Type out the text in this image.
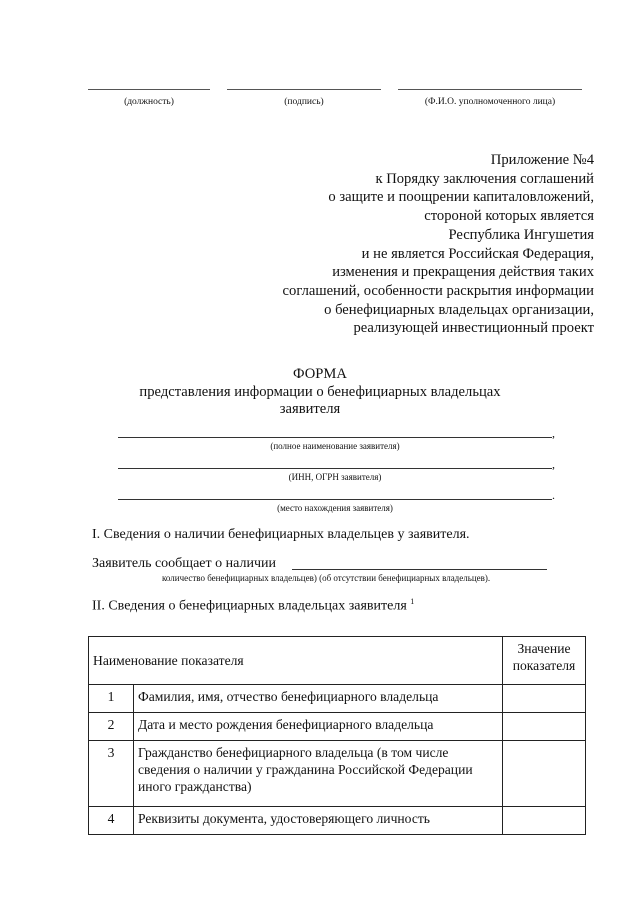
(должность)	(подпись)	(Ф.И.О. уполномоченного лица)
Приложение №4
к Порядку заключения соглашений
о защите и поощрении капиталовложений,
стороной которых является
Республика Ингушетия
и не является Российская Федерация,
изменения и прекращения действия таких
соглашений, особенности раскрытия информации
о бенефициарных владельцах организации,
реализующей инвестиционный проект
ФОРМА
представления информации о бенефициарных владельцах
заявителя
,
(полное наименование заявителя)
,
(ИНН, ОГРН заявителя)
.
(место нахождения заявителя)
I. Сведения о наличии бенефициарных владельцев у заявителя.
Заявитель сообщает о наличии
количество бенефициарных владельцев) (об отсутствии бенефициарных владельцев).
II. Сведения о бенефициарных владельцах заявителя $^1$
Наименование показателя		Значение
показателя

1	Фамилия, имя, отчество бенефициарного владельца	
2	Дата и место рождения бенефициарного владельца	
3	Гражданство бенефициарного владельца (в том числе сведения о наличии у гражданина Российской Федерации иного гражданства)	
4	Реквизиты документа, удостоверяющего личность	
